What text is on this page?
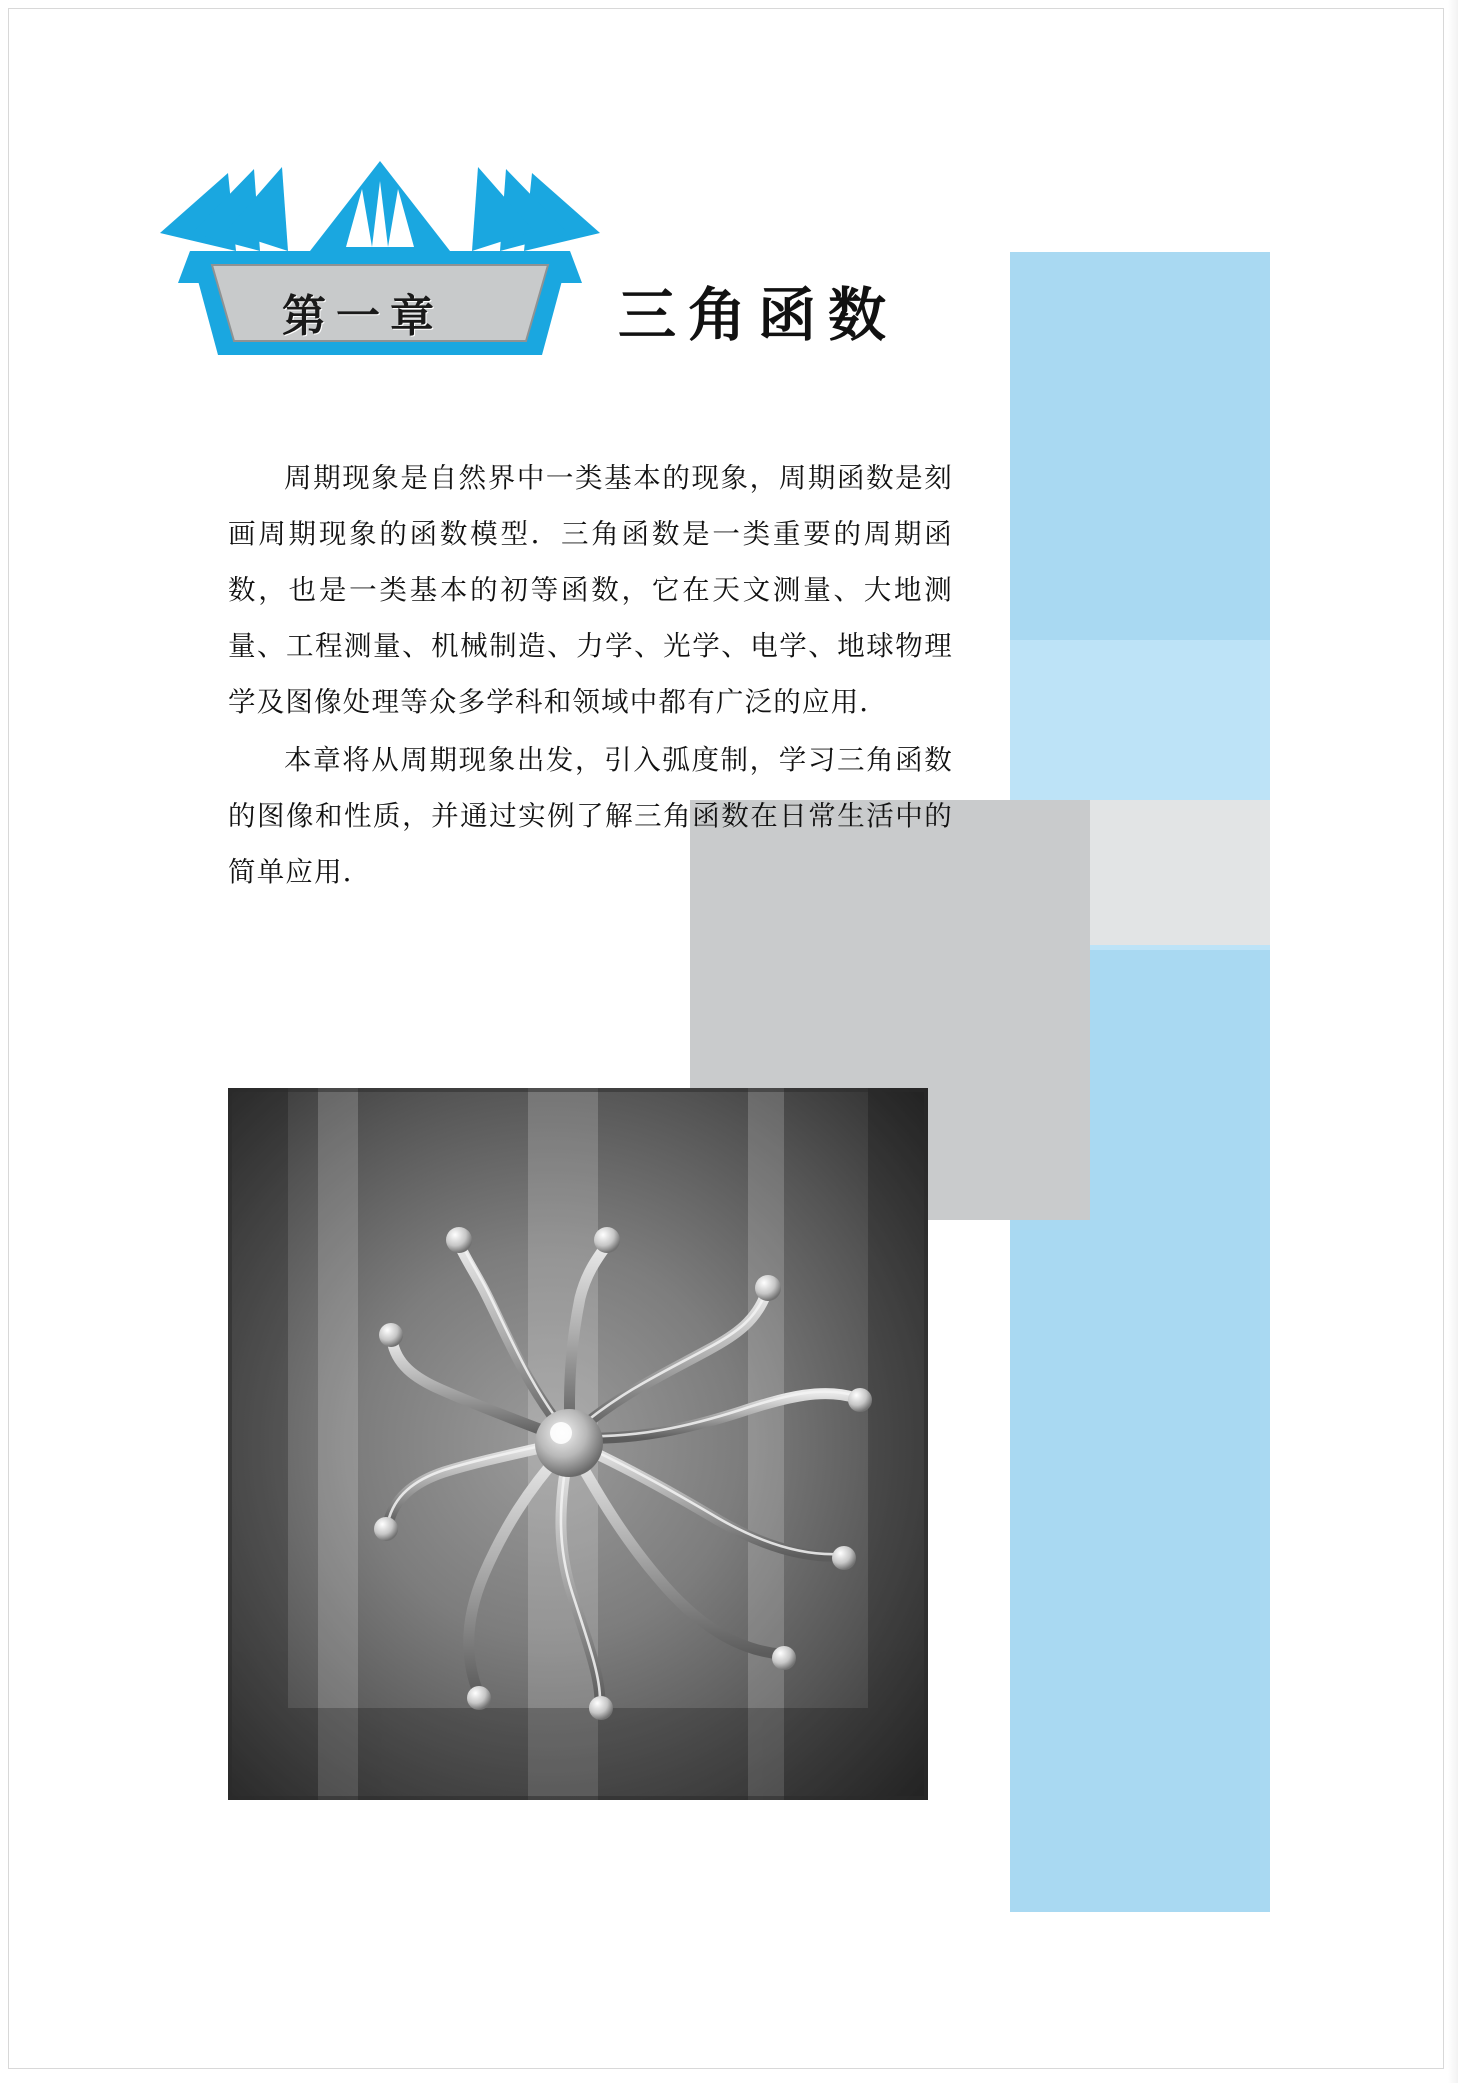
第一章	三角函数

周期现象是自然界中一类基本的现象，周期函数是刻画周期现象的函数模型．三角函数是一类重要的周期函数，也是一类基本的初等函数，它在天文测量、大地测量、工程测量、机械制造、力学、光学、电学、地球物理学及图像处理等众多学科和领域中都有广泛的应用．

本章将从周期现象出发，引入弧度制，学习三角函数的图像和性质，并通过实例了解三角函数在日常生活中的简单应用．
